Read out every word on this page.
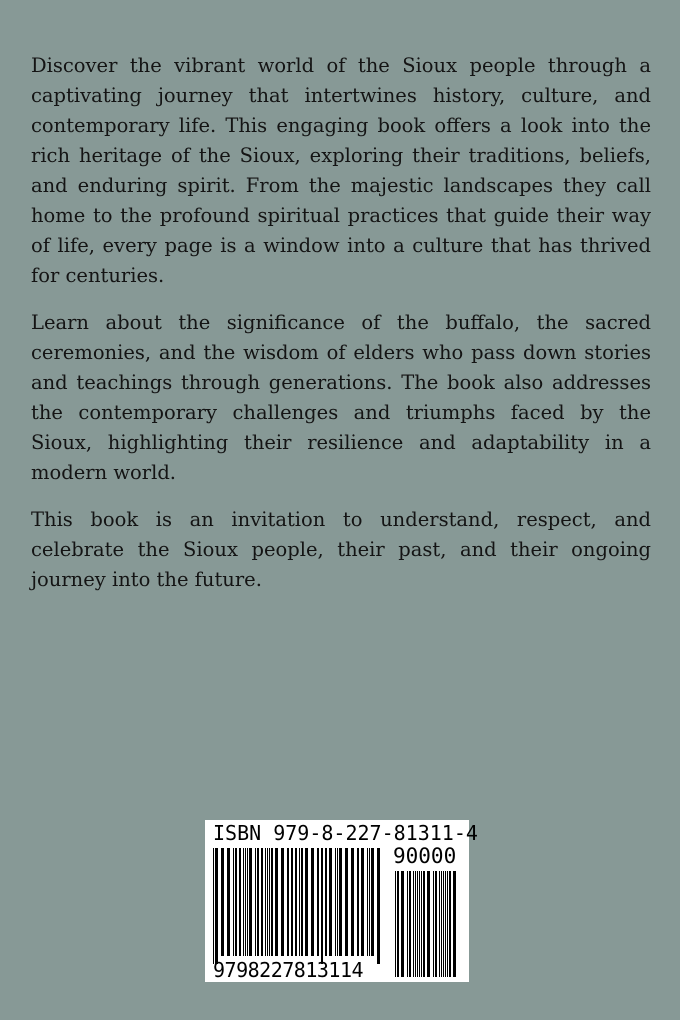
Discover the vibrant world of the Sioux people through a captivating journey that intertwines history, culture, and contemporary life. This engaging book offers a look into the rich heritage of the Sioux, exploring their traditions, beliefs, and enduring spirit. From the majestic landscapes they call home to the profound spiritual practices that guide their way of life, every page is a window into a culture that has thrived for centuries.

Learn about the significance of the buffalo, the sacred ceremonies, and the wisdom of elders who pass down stories and teachings through generations. The book also addresses the contemporary challenges and triumphs faced by the Sioux, highlighting their resilience and adaptability in a modern world.

This book is an invitation to understand, respect, and celebrate the Sioux people, their past, and their ongoing journey into the future.

ISBN 979-8-227-81311-4
90000
9798227813114
